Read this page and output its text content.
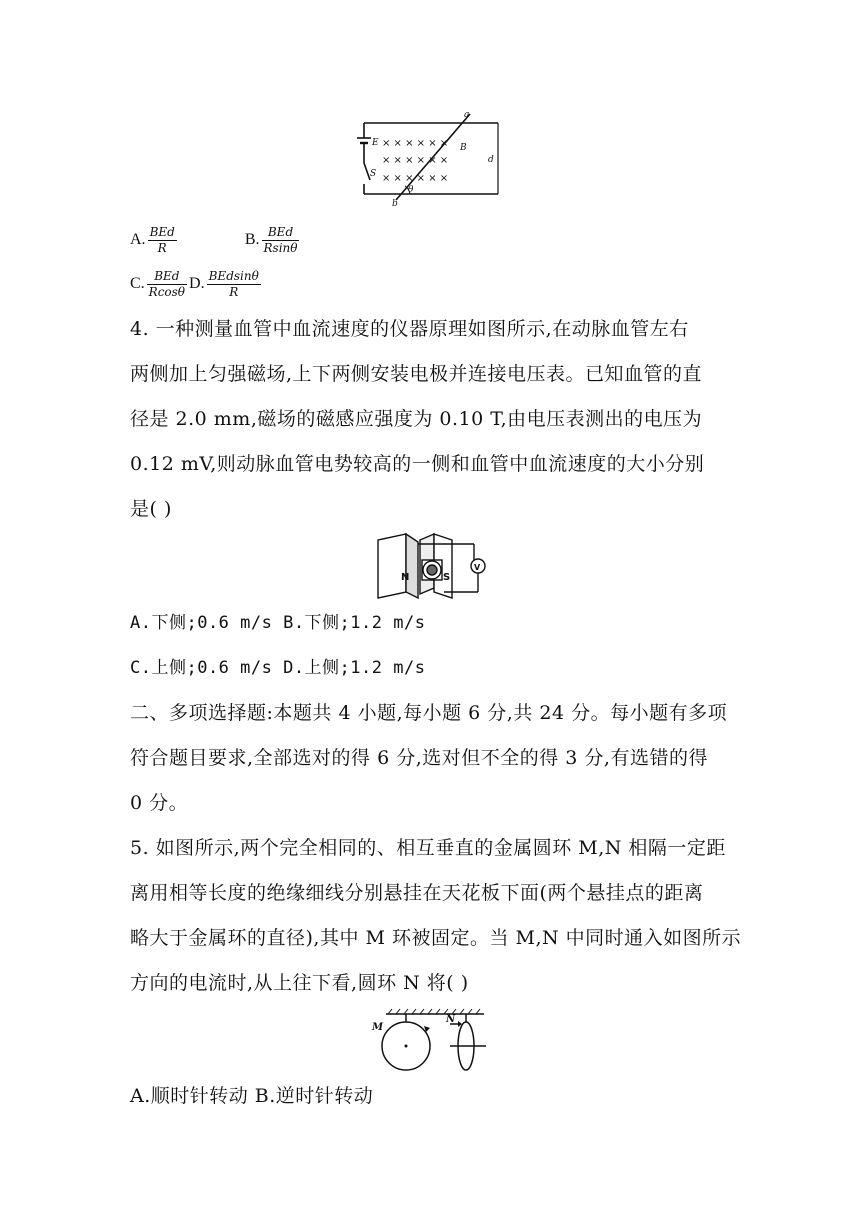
× × × × × ×
× × × × × ×
× × × × × ×
E
S
a
b
B
d
θ
A. $\frac{\text{BEd}}{R}$	B. $\frac{\text{BEd}}{Rsin\theta}$
C. $\frac{\text{BEd}}{Rcos\theta} D$. $\frac{\text{BEdsinθ}}{R}$
4. 一种测量血管中血流速度的仪器原理如图所示,在动脉血管左右
两侧加上匀强磁场,上下两侧安装电极并连接电压表。已知血管的直
径是 2.0 mm,磁场的磁感应强度为 0.10 T,由电压表测出的电压为
0.12 mV,则动脉血管电势较高的一侧和血管中血流速度的大小分别
是( )
N	S
V
A.下侧;0.6 m/s B.下侧;1.2 m/s
C.上侧;0.6 m/s D.上侧;1.2 m/s
二、多项选择题:本题共 4 小题,每小题 6 分,共 24 分。每小题有多项
符合题目要求,全部选对的得 6 分,选对但不全的得 3 分,有选错的得
0 分。
5. 如图所示,两个完全相同的、相互垂直的金属圆环 M,N 相隔一定距
离用相等长度的绝缘细线分别悬挂在天花板下面(两个悬挂点的距离
略大于金属环的直径),其中 M 环被固定。当 M,N 中同时通入如图所示
方向的电流时,从上往下看,圆环 N 将( )
M
N
A.顺时针转动 B.逆时针转动
